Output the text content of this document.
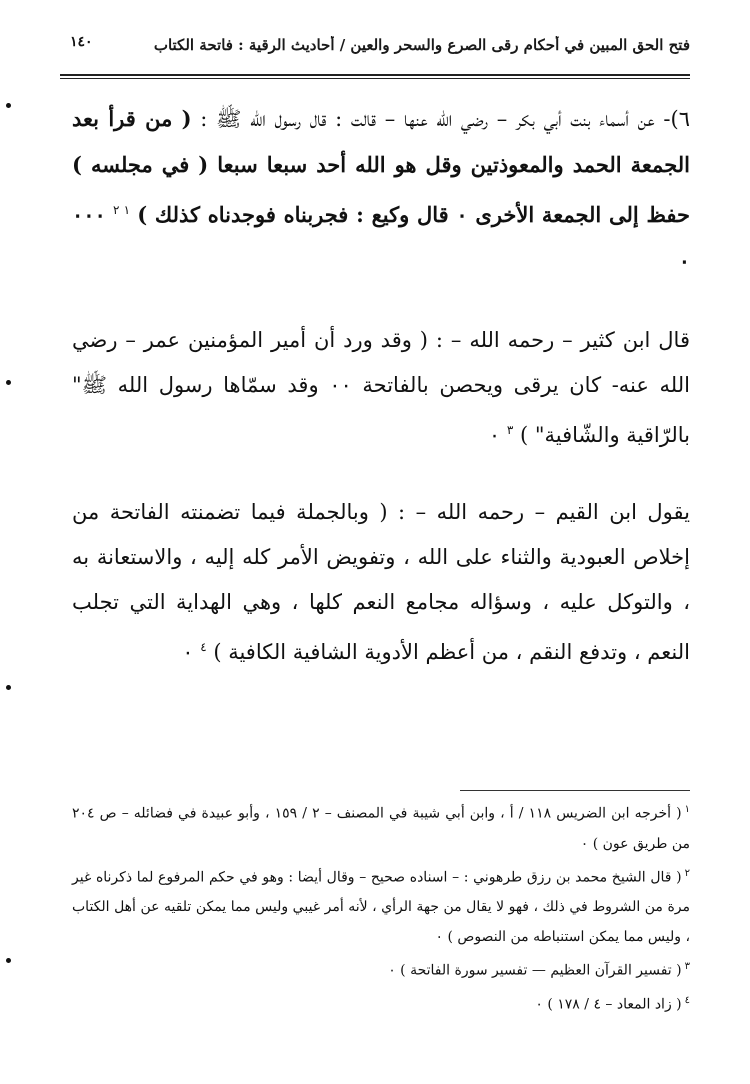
١٤٠	فتح الحق المبين في أحكام رقى الصرع والسحر والعين / أحاديث الرقية : فاتحة الكتاب

٦)- عن أسماء بنت أبي بكر – رضي الله عنها – قالت : قال رسول الله ﷺ : ( من قرأ بعد الجمعة الحمد والمعوذتين وقل هو الله أحد سبعا سبعا ( في مجلسه ) حفظ إلى الجمعة الأخرى ٠ قال وكيع : فجربناه فوجدناه كذلك ) $^{١ ٢}$ ٠٠٠ ٠

قال ابن كثير – رحمه الله – : ( وقد ورد أن أمير المؤمنين عمر – رضي الله عنه- كان يرقى ويحصن بالفاتحة ٠٠ وقد سمّاها رسول الله ﷺ" بالرّاقية والشّافية" ) $^٣$ ٠

يقول ابن القيم – رحمه الله – : ( وبالجملة فيما تضمنته الفاتحة من إخلاص العبودية والثناء على الله ، وتفويض الأمر كله إليه ، والاستعانة به ، والتوكل عليه ، وسؤاله مجامع النعم كلها ، وهي الهداية التي تجلب النعم ، وتدفع النقم ، من أعظم الأدوية الشافية الكافية ) $^٤$ ٠

$^١$( أخرجه ابن الضريس ١١٨ / أ ، وابن أبي شيبة في المصنف – ٢ / ١٥٩ ، وأبو عبيدة في فضائله – ص ٢٠٤ من طريق عون ) ٠

$^٢$( قال الشيخ محمد بن رزق طرهوني : – اسناده صحيح – وقال أيضا : وهو في حكم المرفوع لما ذكرناه غير مرة من الشروط في ذلك ، فهو لا يقال من جهة الرأي ، لأنه أمر غيبي وليس مما يمكن تلقيه عن أهل الكتاب ، وليس مما يمكن استنباطه من النصوص ) ٠

$^٣$( تفسير القرآن العظيم — تفسير سورة الفاتحة ) ٠

$^٤$( زاد المعاد – ٤ / ١٧٨ ) ٠
